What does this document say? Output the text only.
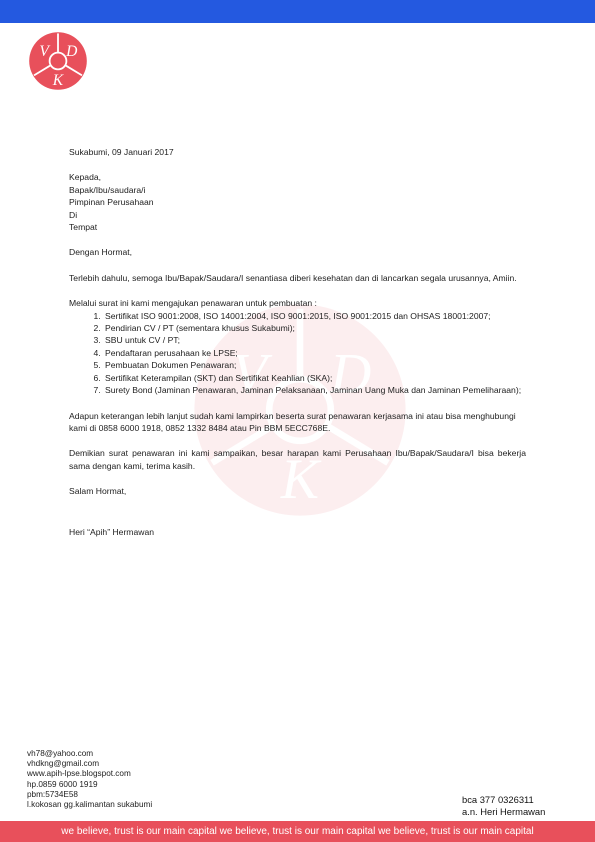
V D
K
V D
K

Sukabumi, 09 Januari 2017

Kepada,

Bapak/Ibu/saudara/i

Pimpinan Perusahaan

Di

Tempat

Dengan Hormat,

Terlebih dahulu, semoga Ibu/Bapak/Saudara/I senantiasa diberi kesehatan dan di lancarkan segala urusannya, Amiin.

Melalui surat ini kami mengajukan penawaran untuk pembuatan :

1. Sertifikat ISO 9001:2008, ISO 14001:2004, ISO 9001:2015, ISO 9001:2015 dan OHSAS 18001:2007;
2. Pendirian CV / PT (sementara khusus Sukabumi);
3. SBU untuk CV / PT;
4. Pendaftaran perusahaan ke LPSE;
5. Pembuatan Dokumen Penawaran;
6. Sertifikat Keterampilan (SKT) dan Sertifikat Keahlian (SKA);
7. Surety Bond (Jaminan Penawaran, Jaminan Pelaksanaan, Jaminan Uang Muka dan Jaminan Pemeliharaan);

Adapun keterangan lebih lanjut sudah kami lampirkan beserta surat penawaran kerjasama ini atau bisa menghubungi kami di 0858 6000 1918, 0852 1332 8484 atau Pin BBM 5ECC768E.

Demikian surat penawaran ini kami sampaikan, besar harapan kami Perusahaan Ibu/Bapak/Saudara/I bisa bekerja sama dengan kami, terima kasih.

Salam Hormat,

Heri “Apih” Hermawan

vh78@yahoo.com
vhdkng@gmail.com
www.apih-lpse.blogspot.com
hp.0859 6000 1919
pbm:5734E58
l.kokosan gg.kalimantan sukabumi	bca 377 0326311
a.n. Heri Hermawan
we believe, trust is our main capital we believe, trust is our main capital we believe, trust is our main capital
